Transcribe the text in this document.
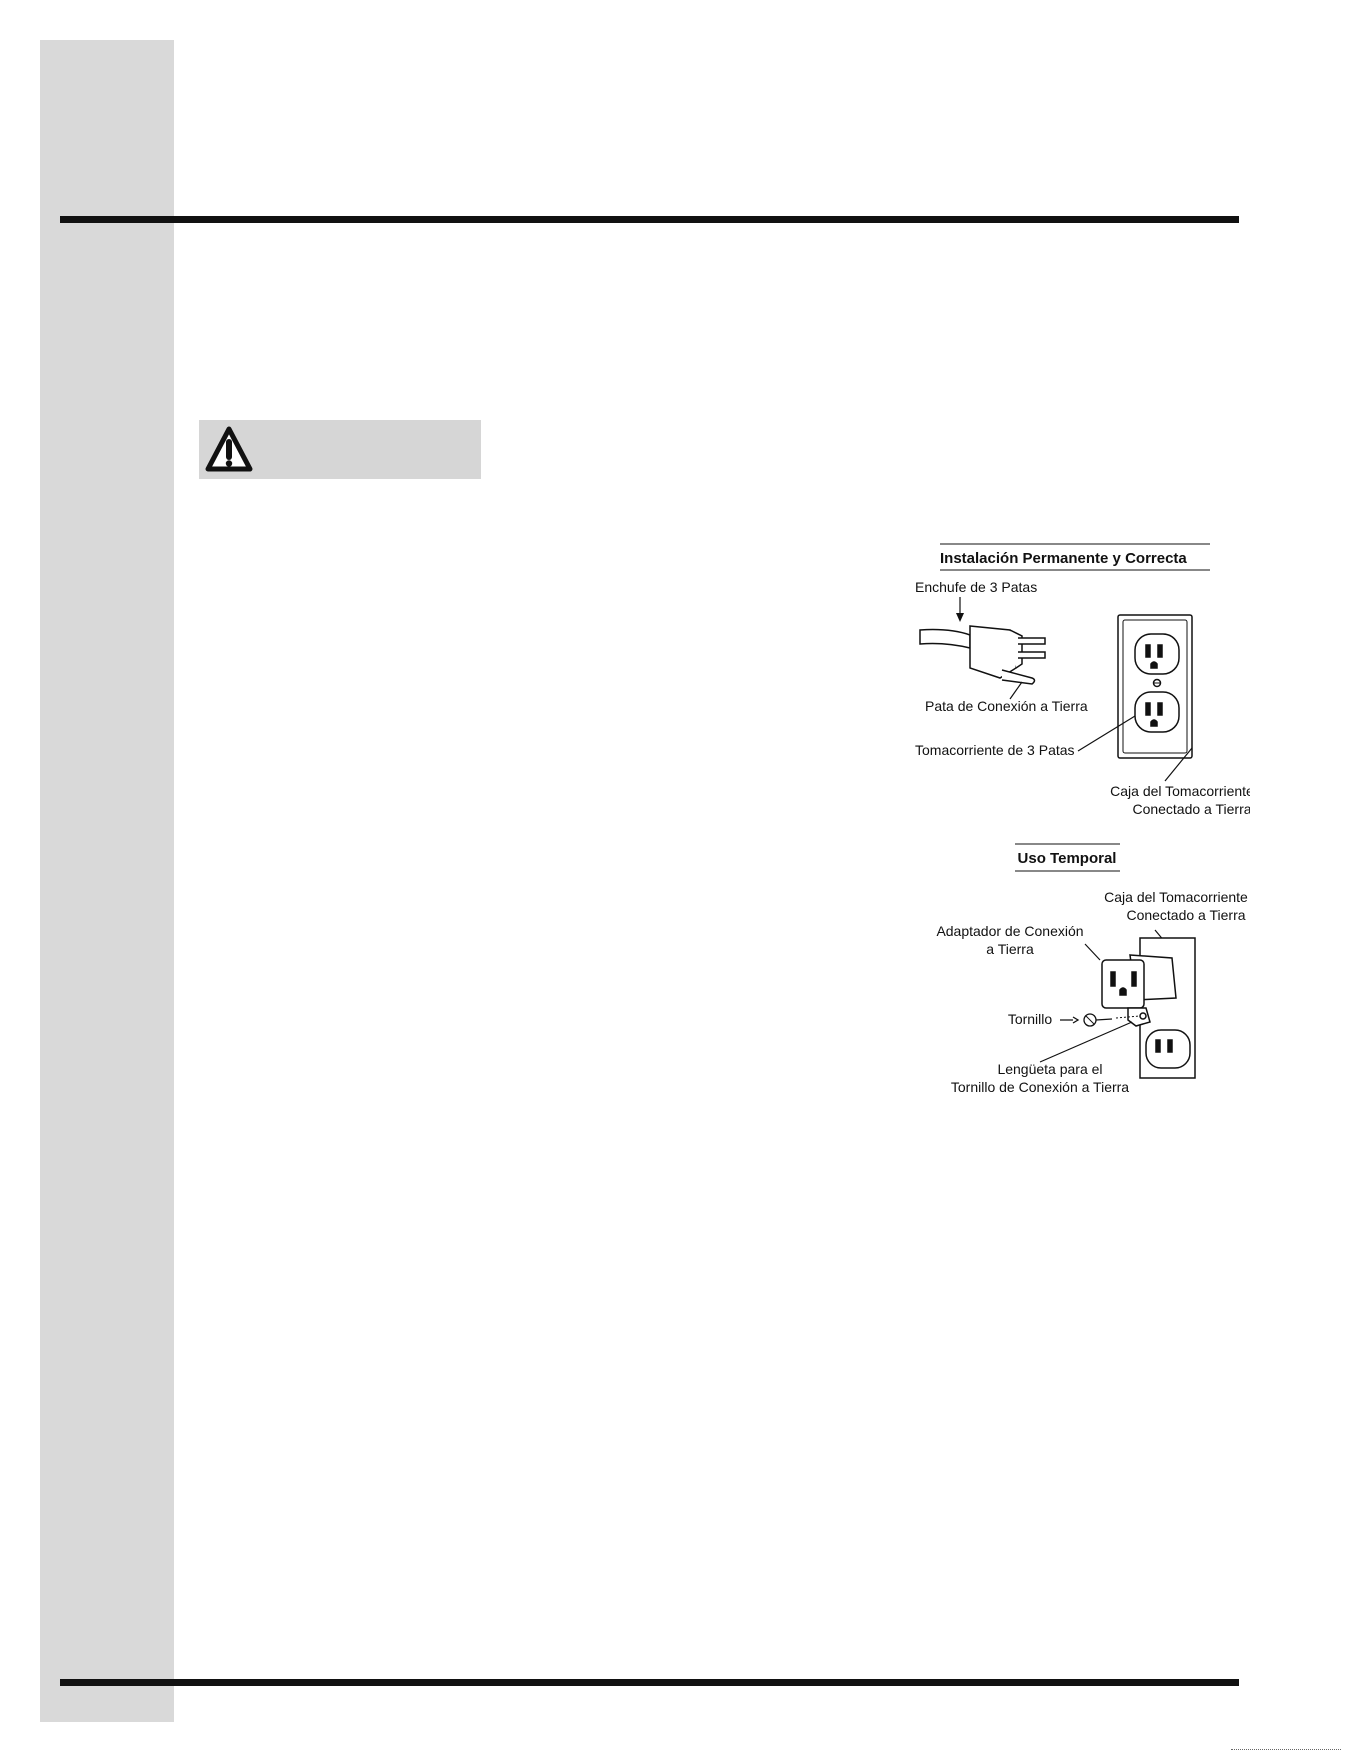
Instalación Permanente y Correcta
Enchufe de 3 Patas
Pata de Conexión a Tierra
Tomacorriente de 3 Patas
Caja del Tomacorriente
Conectado a Tierra
Uso Temporal
Caja del Tomacorriente
Conectado a Tierra
Adaptador de Conexión
a Tierra
Tornillo
Lengüeta para el
Tornillo de Conexión a Tierra
